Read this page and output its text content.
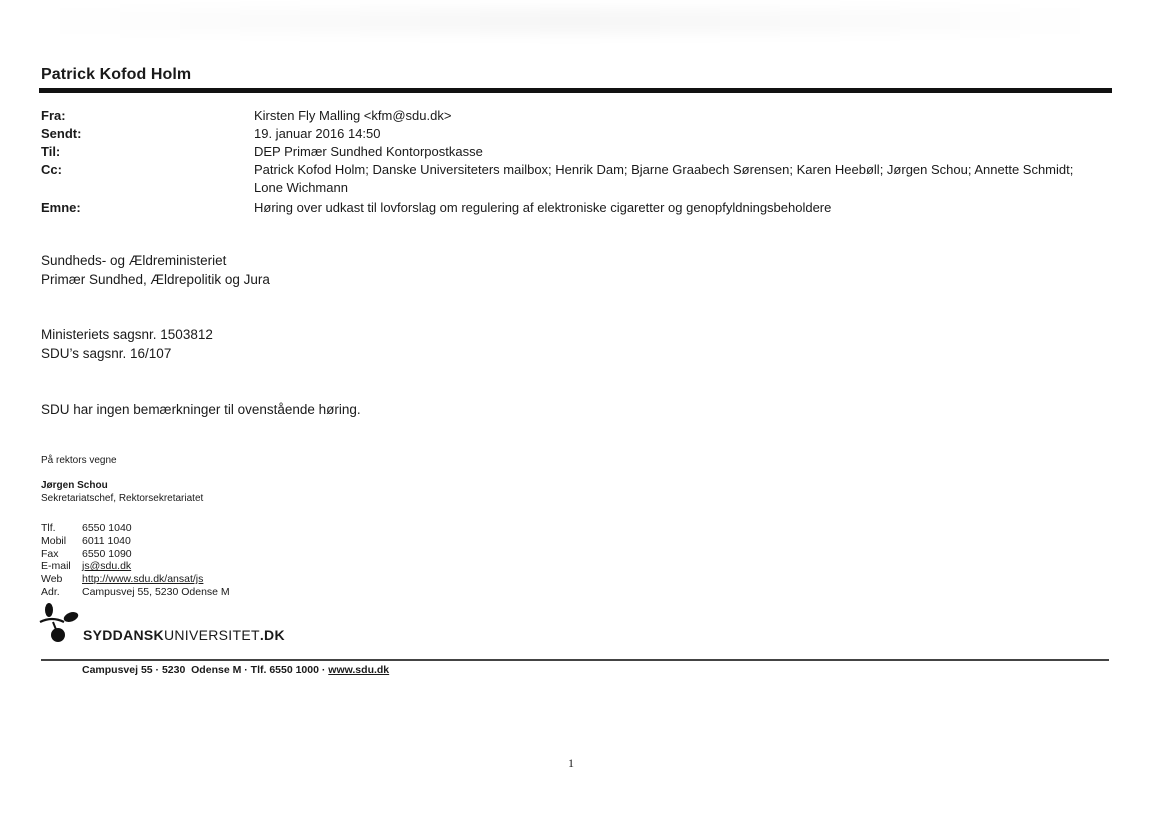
Patrick Kofod Holm
Fra:	Kirsten Fly Malling <kfm@sdu.dk>
Sendt:	19. januar 2016 14:50
Til:	DEP Primær Sundhed Kontorpostkasse
Cc:	Patrick Kofod Holm; Danske Universiteters mailbox; Henrik Dam; Bjarne Graabech Sørensen; Karen Heebøll; Jørgen Schou; Annette Schmidt;
Lone Wichmann
Emne:	Høring over udkast til lovforslag om regulering af elektroniske cigaretter og genopfyldningsbeholdere
Sundheds- og Ældreministeriet
Primær Sundhed, Ældrepolitik og Jura
Ministeriets sagsnr. 1503812
SDU’s sagsnr. 16/107
SDU har ingen bemærkninger til ovenstående høring.
På rektors vegne
Jørgen Schou
Sekretariatschef, Rektorsekretariatet
Tlf.	6550 1040
Mobil	6011 1040
Fax	6550 1090
E-mail	js@sdu.dk
Web	http://www.sdu.dk/ansat/js
Adr.	Campusvej 55, 5230 Odense M
SYDDANSKUNIVERSITET.DK
Campusvej 55 · 5230  Odense M · Tlf. 6550 1000 · www.sdu.dk
1
